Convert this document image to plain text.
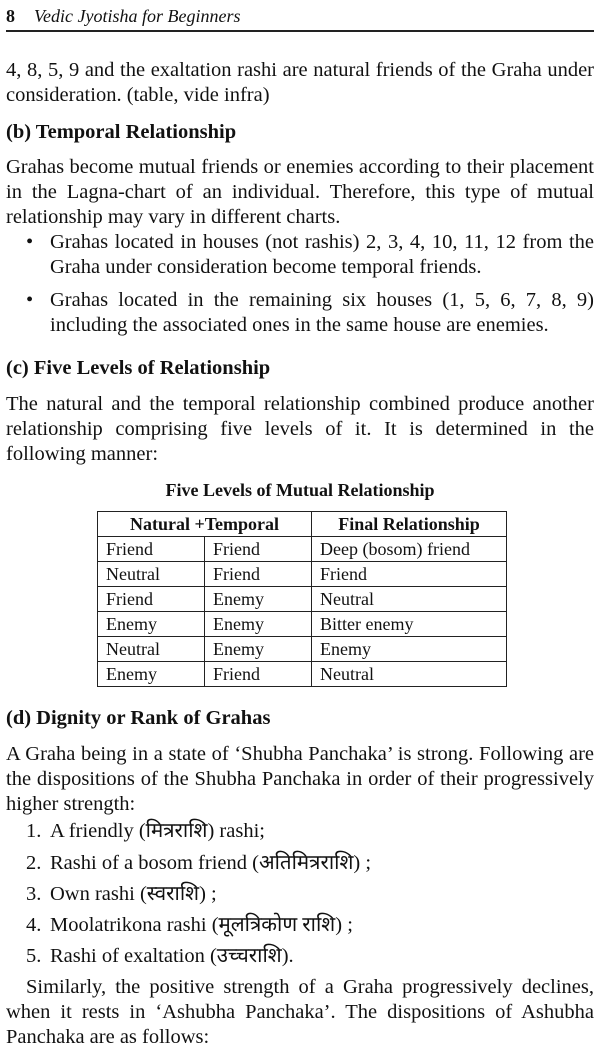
8 Vedic Jyotisha for Beginners

4, 8, 5, 9 and the exaltation rashi are natural friends of the Graha under consideration. (table, vide infra)

(b) Temporal Relationship

Grahas become mutual friends or enemies according to their placement in the Lagna-chart of an individual. Therefore, this type of mutual relationship may vary in different charts.

• Grahas located in houses (not rashis) 2, 3, 4, 10, 11, 12 from the Graha under consideration become temporal friends.
• Grahas located in the remaining six houses (1, 5, 6, 7, 8, 9) including the associated ones in the same house are enemies.
(c) Five Levels of Relationship

The natural and the temporal relationship combined produce another relationship comprising five levels of it. It is determined in the following manner:

Five Levels of Mutual Relationship
Natural +Temporal		Final Relationship
Friend	Friend	Deep (bosom) friend
Neutral	Friend	Friend
Friend	Enemy	Neutral
Enemy	Enemy	Bitter enemy
Neutral	Enemy	Enemy
Enemy	Friend	Neutral
(d) Dignity or Rank of Grahas

A Graha being in a state of ‘Shubha Panchaka’ is strong. Following are the dispositions of the Shubha Panchaka in order of their progressively higher strength:

1. A friendly (मित्रराशि) rashi;
2. Rashi of a bosom friend (अतिमित्रराशि) ;
3. Own rashi (स्वराशि) ;
4. Moolatrikona rashi (मूलत्रिकोण राशि) ;
5. Rashi of exaltation (उच्चराशि).

Similarly, the positive strength of a Graha progressively declines, when it rests in ‘Ashubha Panchaka’. The dispositions of Ashubha Panchaka are as follows:
